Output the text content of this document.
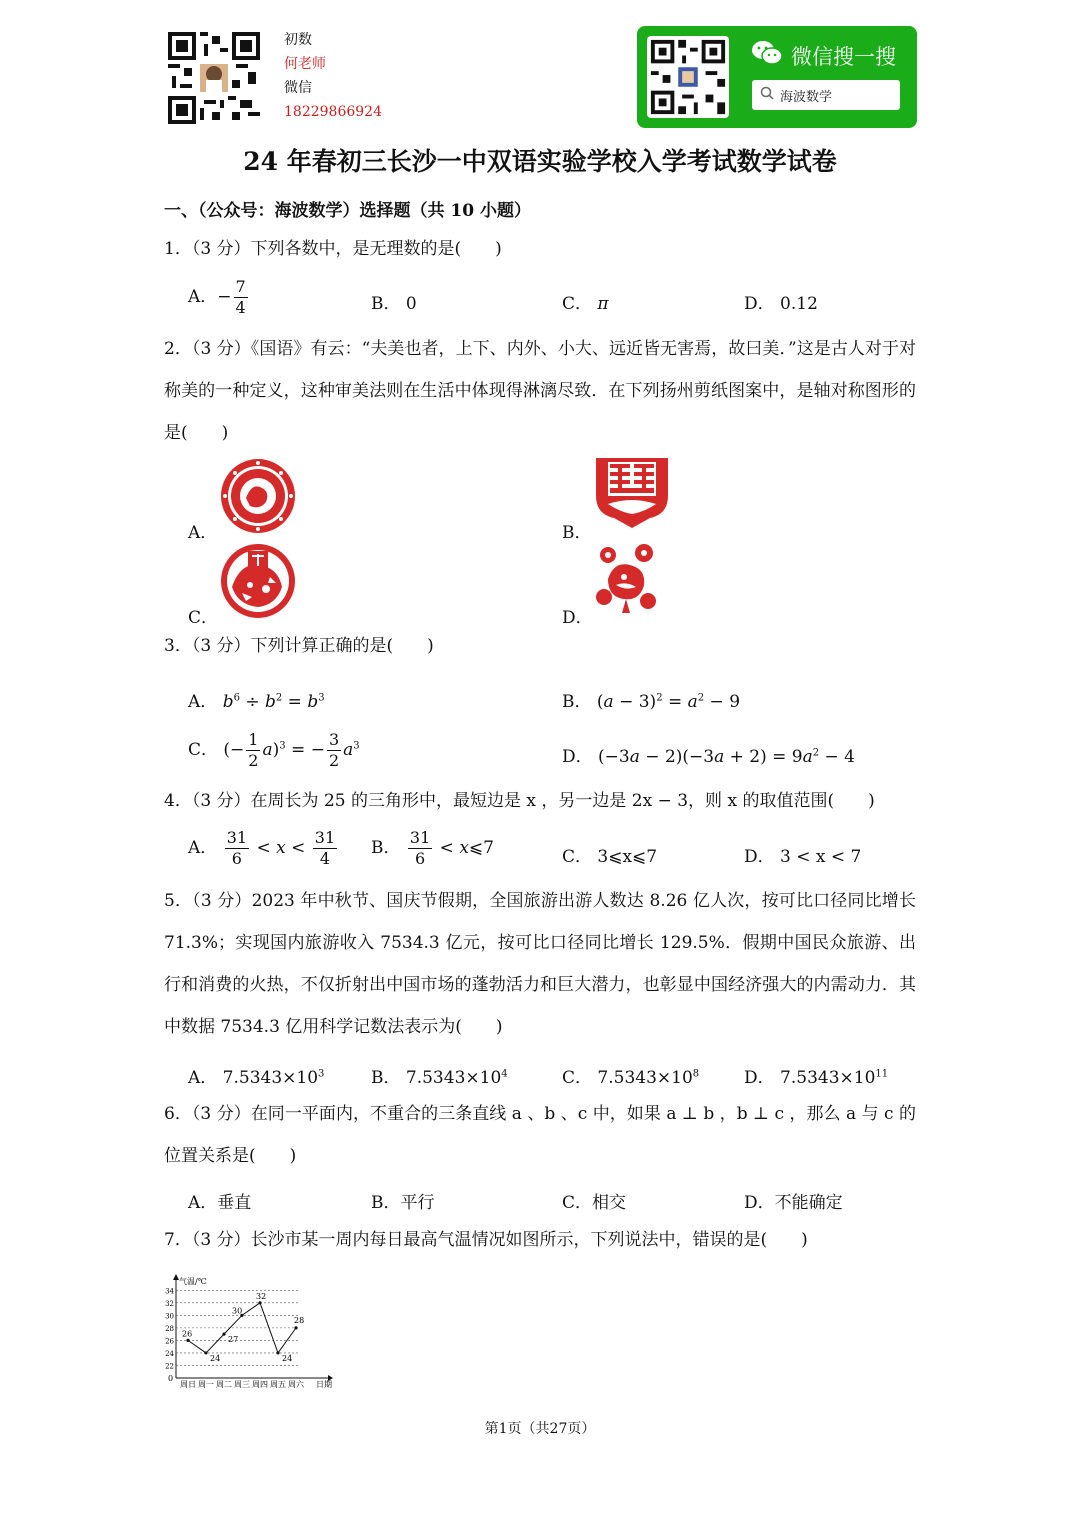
初数
何老师
微信
18229866924
微信搜一搜
海波数学
24 年春初三长沙一中双语实验学校入学考试数学试卷
一、（公众号：海波数学）选择题（共 10 小题）
1．（3 分）下列各数中，是无理数的是(　　)
A．− $\frac{7}{4}$	B． 0	C． π	D． 0.12
2．（3 分）《国语》有云：“夫美也者，上下、内外、小大、远近皆无害焉，故曰美．”这是古人对于对称美的一种定义，这种审美法则在生活中体现得淋漓尽致．在下列扬州剪纸图案中，是轴对称图形的是(　　)
A．	B．
C．	D．
3．（3 分）下列计算正确的是(　　)
A． $b^6 \div b^2 = b^3$	B． $(a - 3)^2 = a^2 - 9$
C． (− $\frac{1}{2} a)^3$ = − $\frac{3}{2} a^3$
D． $(-3a - 2)(-3a + 2) = 9a^2 - 4$
4．（3 分）在周长为 25 的三角形中，最短边是 x ，另一边是 2x − 3，则 x 的取值范围(　　)
A． $\frac{31}{6} < x < \frac{31}{4}$ B． $\frac{31}{6}$ < x⩽7	C． 3⩽x⩽7	D． 3 < x < 7
5．（3 分）2023 年中秋节、国庆节假期，全国旅游出游人数达 8.26 亿人次，按可比口径同比增长 71.3%；实现国内旅游收入 7534.3 亿元，按可比口径同比增长 129.5%．假期中国民众旅游、出行和消费的火热，不仅折射出中国市场的蓬勃活力和巨大潜力，也彰显中国经济强大的内需动力．其中数据 7534.3 亿用科学记数法表示为(　　)
A． $7.5343\times 10^3$	B． $7.5343\times 10^4$	C． $7.5343\times 10^8$	D． $7.5343\times 10^{11}$
6．（3 分）在同一平面内，不重合的三条直线 a 、b 、c 中，如果 a ⊥ b ，b ⊥ c ，那么 a 与 c 的位置关系是(　　)
A．垂直	B．平行	C．相交	D．不能确定
7．（3 分）长沙市某一周内每日最高气温情况如图所示，下列说法中，错误的是(　　)
气温/℃
日期
0
22
24
26
28
30
32
34
周日 周一 周二 周三 周四 周五 周六
26
24
27
30
32
24
28
第1页（共27页）
